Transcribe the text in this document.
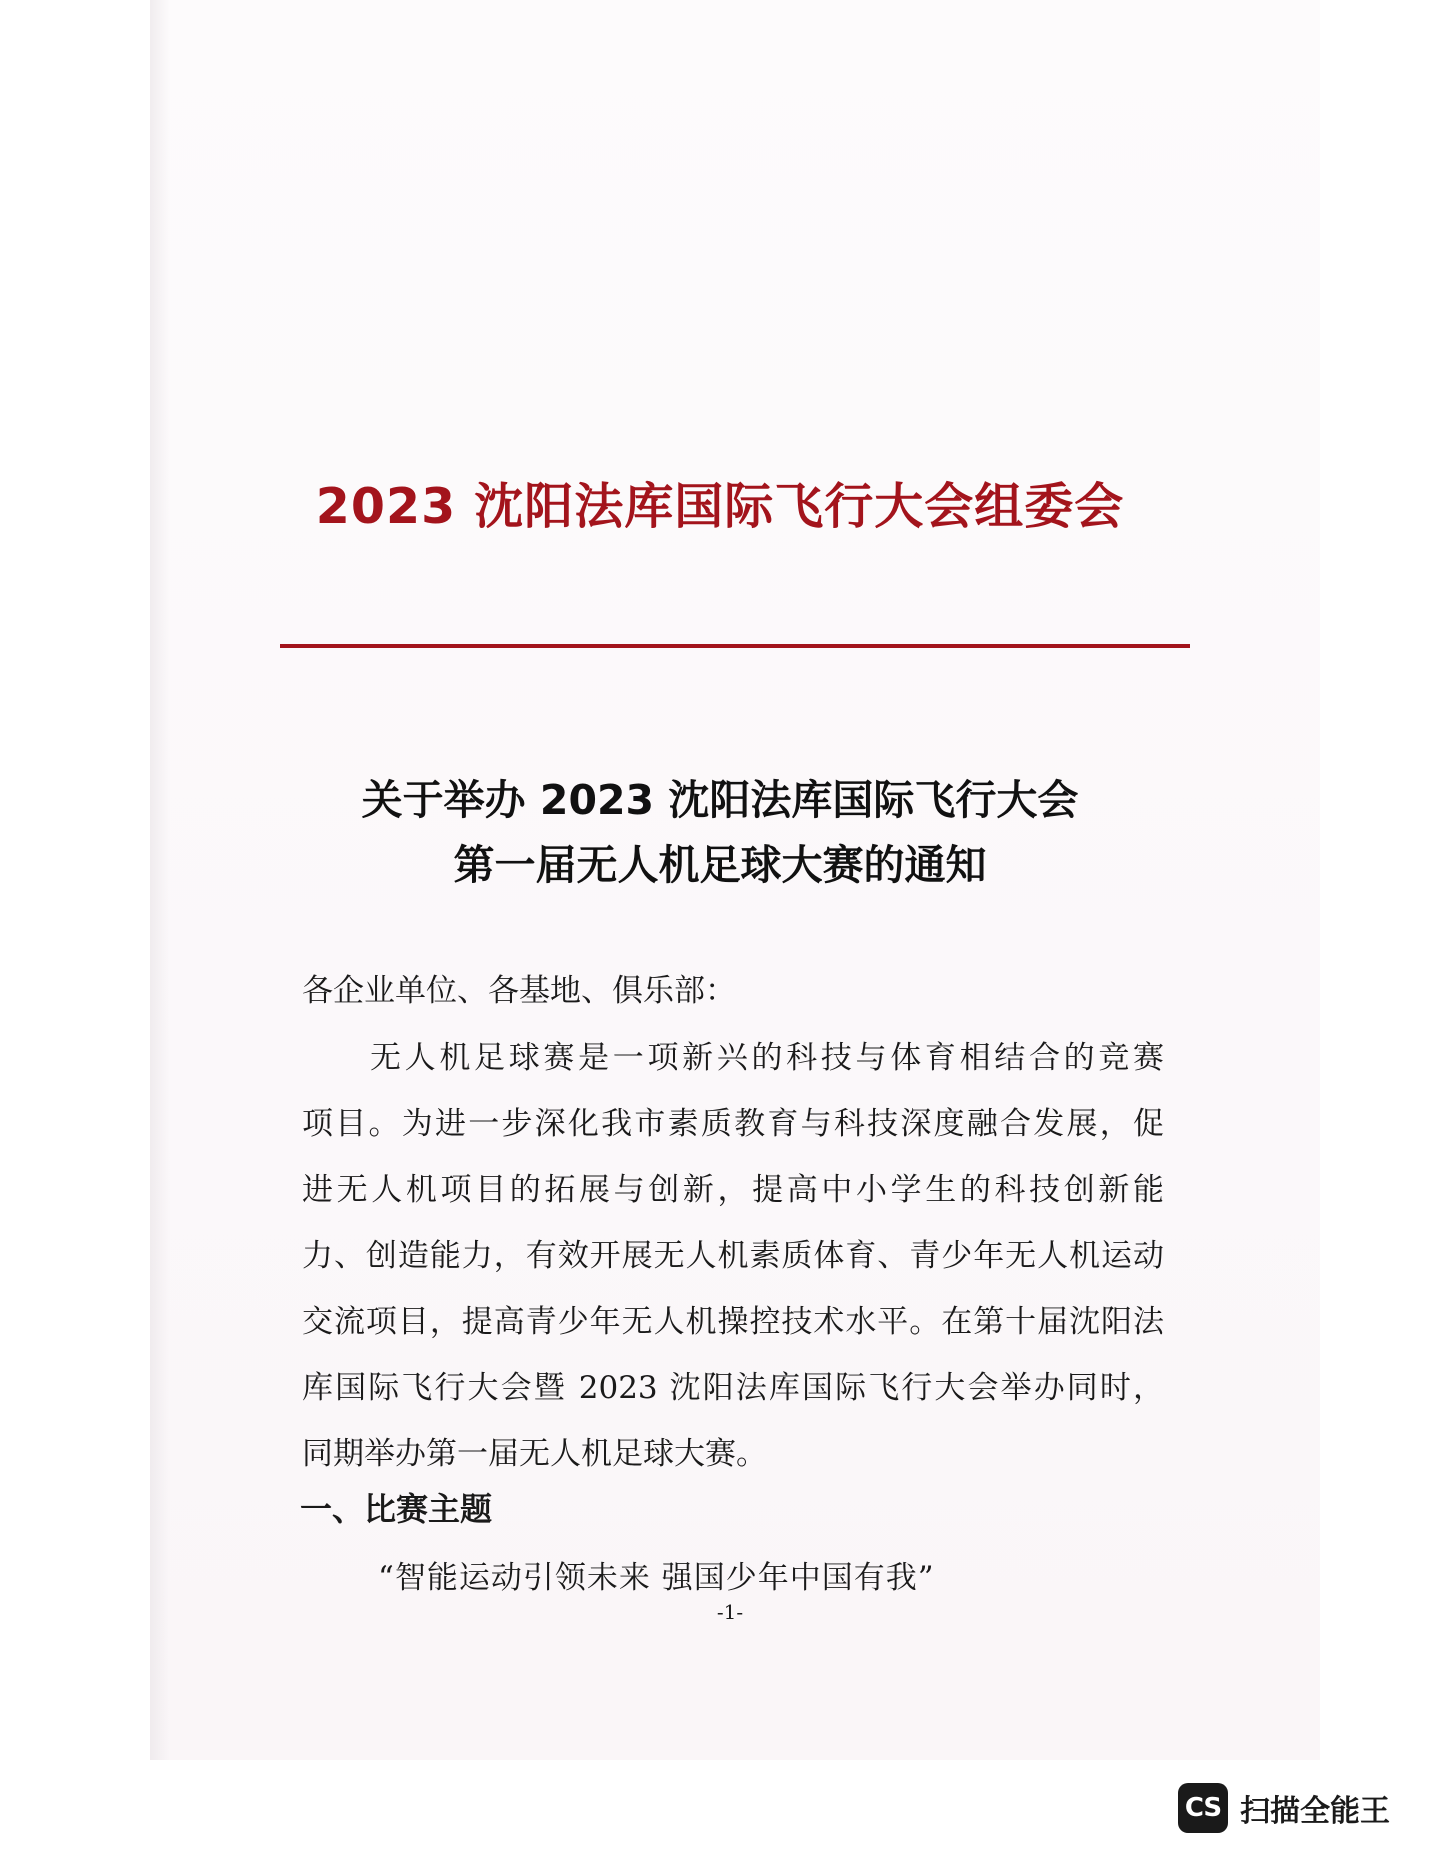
2023 沈阳法库国际飞行大会组委会
关于举办 2023 沈阳法库国际飞行大会
第一届无人机足球大赛的通知
各企业单位、各基地、俱乐部：
无人机足球赛是一项新兴的科技与体育相结合的竞赛
项目。为进一步深化我市素质教育与科技深度融合发展，促
进无人机项目的拓展与创新，提高中小学生的科技创新能
力、创造能力，有效开展无人机素质体育、青少年无人机运动
交流项目，提高青少年无人机操控技术水平。在第十届沈阳法
库国际飞行大会暨 2023 沈阳法库国际飞行大会举办同时，
同期举办第一届无人机足球大赛。
一、比赛主题
“智能运动引领未来 强国少年中国有我”
-1-
CS 扫描全能王
